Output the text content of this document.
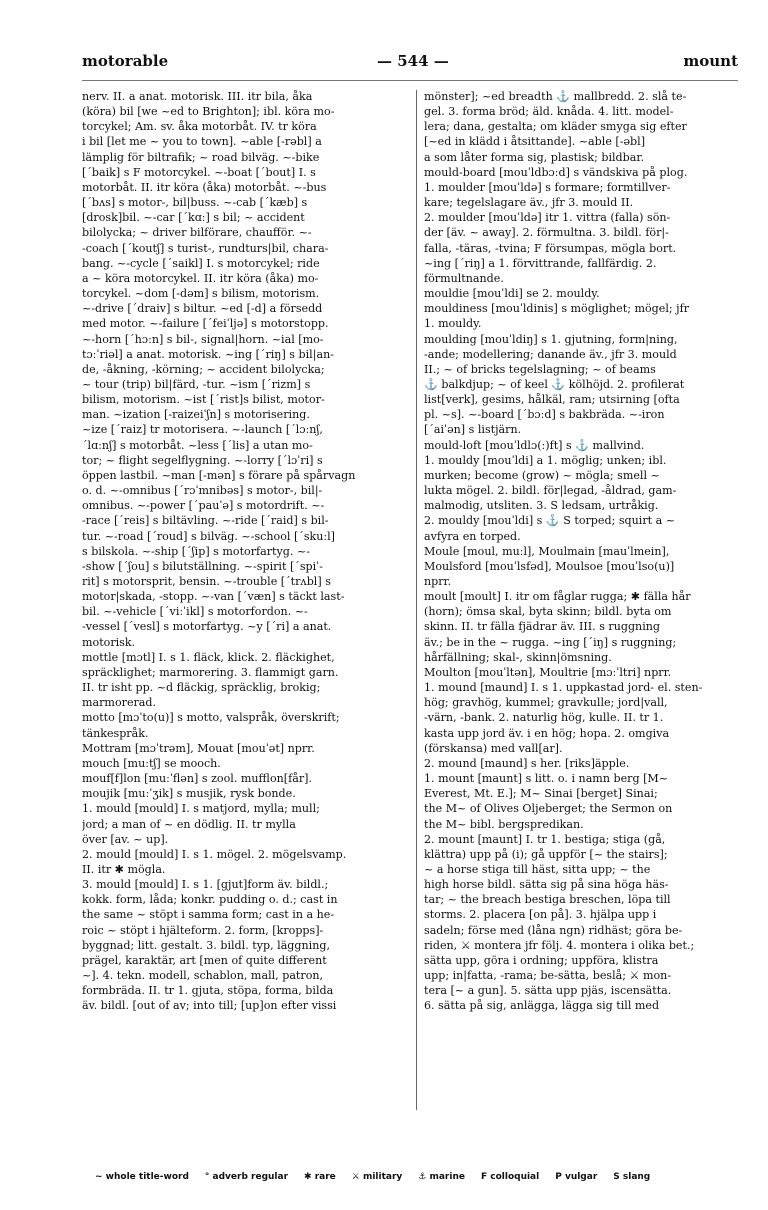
motorable	— 544 —	mount
nerv. II. a anat. motorisk. III. itr bila, åka
(köra) bil [we ~ed to Brighton]; ibl. köra mo-
torcykel; Am. sv. åka motorbåt. IV. tr köra
i bil [let me ~ you to town]. ~able [-rəbl] a
lämplig för biltrafik; ~ road bilväg. ~-bike
[ˊbaik] s F motorcykel. ~-boat [ˊbout] I. s
motorbåt. II. itr köra (åka) motorbåt. ~-bus
[ˊbʌs] s motor-, bil|buss. ~-cab [ˊkæb] s
[drosk]bil. ~-car [ˊkɑː] s bil; ~ accident
bilolycka; ~ driver bilförare, chaufför. ~-
-coach [ˊkoutʃ] s turist-, rundturs|bil, chara-
bang. ~-cycle [ˊsaikl] I. s motorcykel; ride
a ~ köra motorcykel. II. itr köra (åka) mo-
torcykel. ~dom [-dəm] s bilism, motorism.
~-drive [ˊdraiv] s biltur. ~ed [-d] a försedd
med motor. ~-failure [ˊfeiˈljə] s motorstopp.
~-horn [ˊhɔːn] s bil-, signal|horn. ~ial [mo-
tɔːˈriəl] a anat. motorisk. ~ing [ˊriŋ] s bil|an-
de, -åkning, -körning; ~ accident bilolycka;
~ tour (trip) bil|färd, -tur. ~ism [ˊrizm] s
bilism, motorism. ~ist [ˊrist]s bilist, motor-
man. ~ization [-raizeiˈʃn] s motorisering.
~ize [ˊraiz] tr motorisera. ~-launch [ˊlɔːnʃ,
ˊlɑːnʃ] s motorbåt. ~less [ˊlis] a utan mo-
tor; ~ flight segelflygning. ~-lorry [ˊlɔˈri] s
öppen lastbil. ~man [-mən] s förare på spårvagn
o. d. ~-omnibus [ˊrɔˈmnibəs] s motor-, bil|-
omnibus. ~-power [ˊpauˈə] s motordrift. ~-
-race [ˊreis] s biltävling. ~-ride [ˊraid] s bil-
tur. ~-road [ˊroud] s bilväg. ~-school [ˊskuːl]
s bilskola. ~-ship [ˊʃip] s motorfartyg. ~-
-show [ˊʃou] s bilutställning. ~-spirit [ˊspiˈ-
rit] s motorsprit, bensin. ~-trouble [ˊtrʌbl] s
motor|skada, -stopp. ~-van [ˊvæn] s täckt last-
bil. ~-vehicle [ˊviːˈikl] s motorfordon. ~-
-vessel [ˊvesl] s motorfartyg. ~y [ˊri] a anat.
motorisk.
mottle [mɔtl] I. s 1. fläck, klick. 2. fläckighet,
spräcklighet; marmorering. 3. flammigt garn.
II. tr isht pp. ~d fläckig, spräcklig, brokig;
marmorerad.
motto [mɔˈto(u)] s motto, valspråk, överskrift;
tänkespråk.
Mottram [mɔˈtrəm], Mouat [mouˈət] nprr.
mouch [muːtʃ] se mooch.
mouf[f]lon [muːˈflən] s zool. mufflon[får].
moujik [muːˈʒik] s musjik, rysk bonde.
1. mould [mould] I. s matjord, mylla; mull;
jord; a man of ~ en dödlig. II. tr mylla
över [av. ~ up].
2. mould [mould] I. s 1. mögel. 2. mögelsvamp.
II. itr ✱ mögla.
3. mould [mould] I. s 1. [gjut]form äv. bildl.;
kokk. form, låda; konkr. pudding o. d.; cast in
the same ~ stöpt i samma form; cast in a he-
roic ~ stöpt i hjälteform. 2. form, [kropps]-
byggnad; litt. gestalt. 3. bildl. typ, läggning,
prägel, karaktär, art [men of quite different
~]. 4. tekn. modell, schablon, mall, patron,
formbräda. II. tr 1. gjuta, stöpa, forma, bilda
äv. bildl. [out of av; into till; [up]on efter vissi
mönster]; ~ed breadth ⚓ mallbredd. 2. slå te-
gel. 3. forma bröd; äld. knåda. 4. litt. model-
lera; dana, gestalta; om kläder smyga sig efter
[~ed in klädd i åtsittande]. ~able [-əbl]
a som låter forma sig, plastisk; bildbar.
mould-board [mouˈldbɔːd] s vändskiva på plog.
1. moulder [mouˈldə] s formare; formtillver-
kare; tegelslagare äv., jfr 3. mould II.
2. moulder [mouˈldə] itr 1. vittra (falla) sön-
der [äv. ~ away]. 2. förmultna. 3. bildl. för|-
falla, -täras, -tvina; F försumpas, mögla bort.
~ing [ˊriŋ] a 1. förvittrande, fallfärdig. 2.
förmultnande.
mouldie [mouˈldi] se 2. mouldy.
mouldiness [mouˈldinis] s möglighet; mögel; jfr
1. mouldy.
moulding [mouˈldiŋ] s 1. gjutning, form|ning,
-ande; modellering; danande äv., jfr 3. mould
II.; ~ of bricks tegelslagning; ~ of beams
⚓ balkdjup; ~ of keel ⚓ kölhöjd. 2. profilerat
list[verk], gesims, hålkäl, ram; utsirning [ofta
pl. ~s]. ~-board [ˊbɔːd] s bakbräda. ~-iron
[ˊaiˈən] s listjärn.
mould-loft [mouˈldlɔ(ː)ft] s ⚓ mallvind.
1. mouldy [mouˈldi] a 1. möglig; unken; ibl.
murken; become (grow) ~ mögla; smell ~
lukta mögel. 2. bildl. för|legad, -åldrad, gam-
malmodig, utsliten. 3. S ledsam, urtråkig.
2. mouldy [mouˈldi] s ⚓ S torped; squirt a ~
avfyra en torped.
Moule [moul, muːl], Moulmain [mauˈlmein],
Moulsford [mouˈlsfəd], Moulsoe [mouˈlso(u)]
nprr.
moult [moult] I. itr om fåglar rugga; ✱ fälla hår
(horn); ömsa skal, byta skinn; bildl. byta om
skinn. II. tr fälla fjädrar äv. III. s ruggning
äv.; be in the ~ rugga. ~ing [ˊiŋ] s ruggning;
hårfällning; skal-, skinn|ömsning.
Moulton [mouˈltən], Moultrie [mɔːˈltri] nprr.
1. mound [maund] I. s 1. uppkastad jord- el. sten-
hög; gravhög, kummel; gravkulle; jord|vall,
-värn, -bank. 2. naturlig hög, kulle. II. tr 1.
kasta upp jord äv. i en hög; hopa. 2. omgiva
(förskansa) med vall[ar].
2. mound [maund] s her. [riks]äpple.
1. mount [maunt] s litt. o. i namn berg [M~
Everest, Mt. E.]; M~ Sinai [berget] Sinai;
the M~ of Olives Oljeberget; the Sermon on
the M~ bibl. bergspredikan.
2. mount [maunt] I. tr 1. bestiga; stiga (gå,
klättra) upp på (i); gå uppför [~ the stairs];
~ a horse stiga till häst, sitta upp; ~ the
high horse bildl. sätta sig på sina höga häs-
tar; ~ the breach bestiga breschen, löpa till
storms. 2. placera [on på]. 3. hjälpa upp i
sadeln; förse med (låna ngn) ridhäst; göra be-
riden, ⚔ montera jfr följ. 4. montera i olika bet.;
sätta upp, göra i ordning; uppföra, klistra
upp; in|fatta, -rama; be-sätta, beslå; ⚔ mon-
tera [~ a gun]. 5. sätta upp pjäs, iscensätta.
6. sätta på sig, anlägga, lägga sig till med
~ whole title-word ° adverb regular ✱ rare ⚔ military ⚓ marine F colloquial P vulgar S slang
